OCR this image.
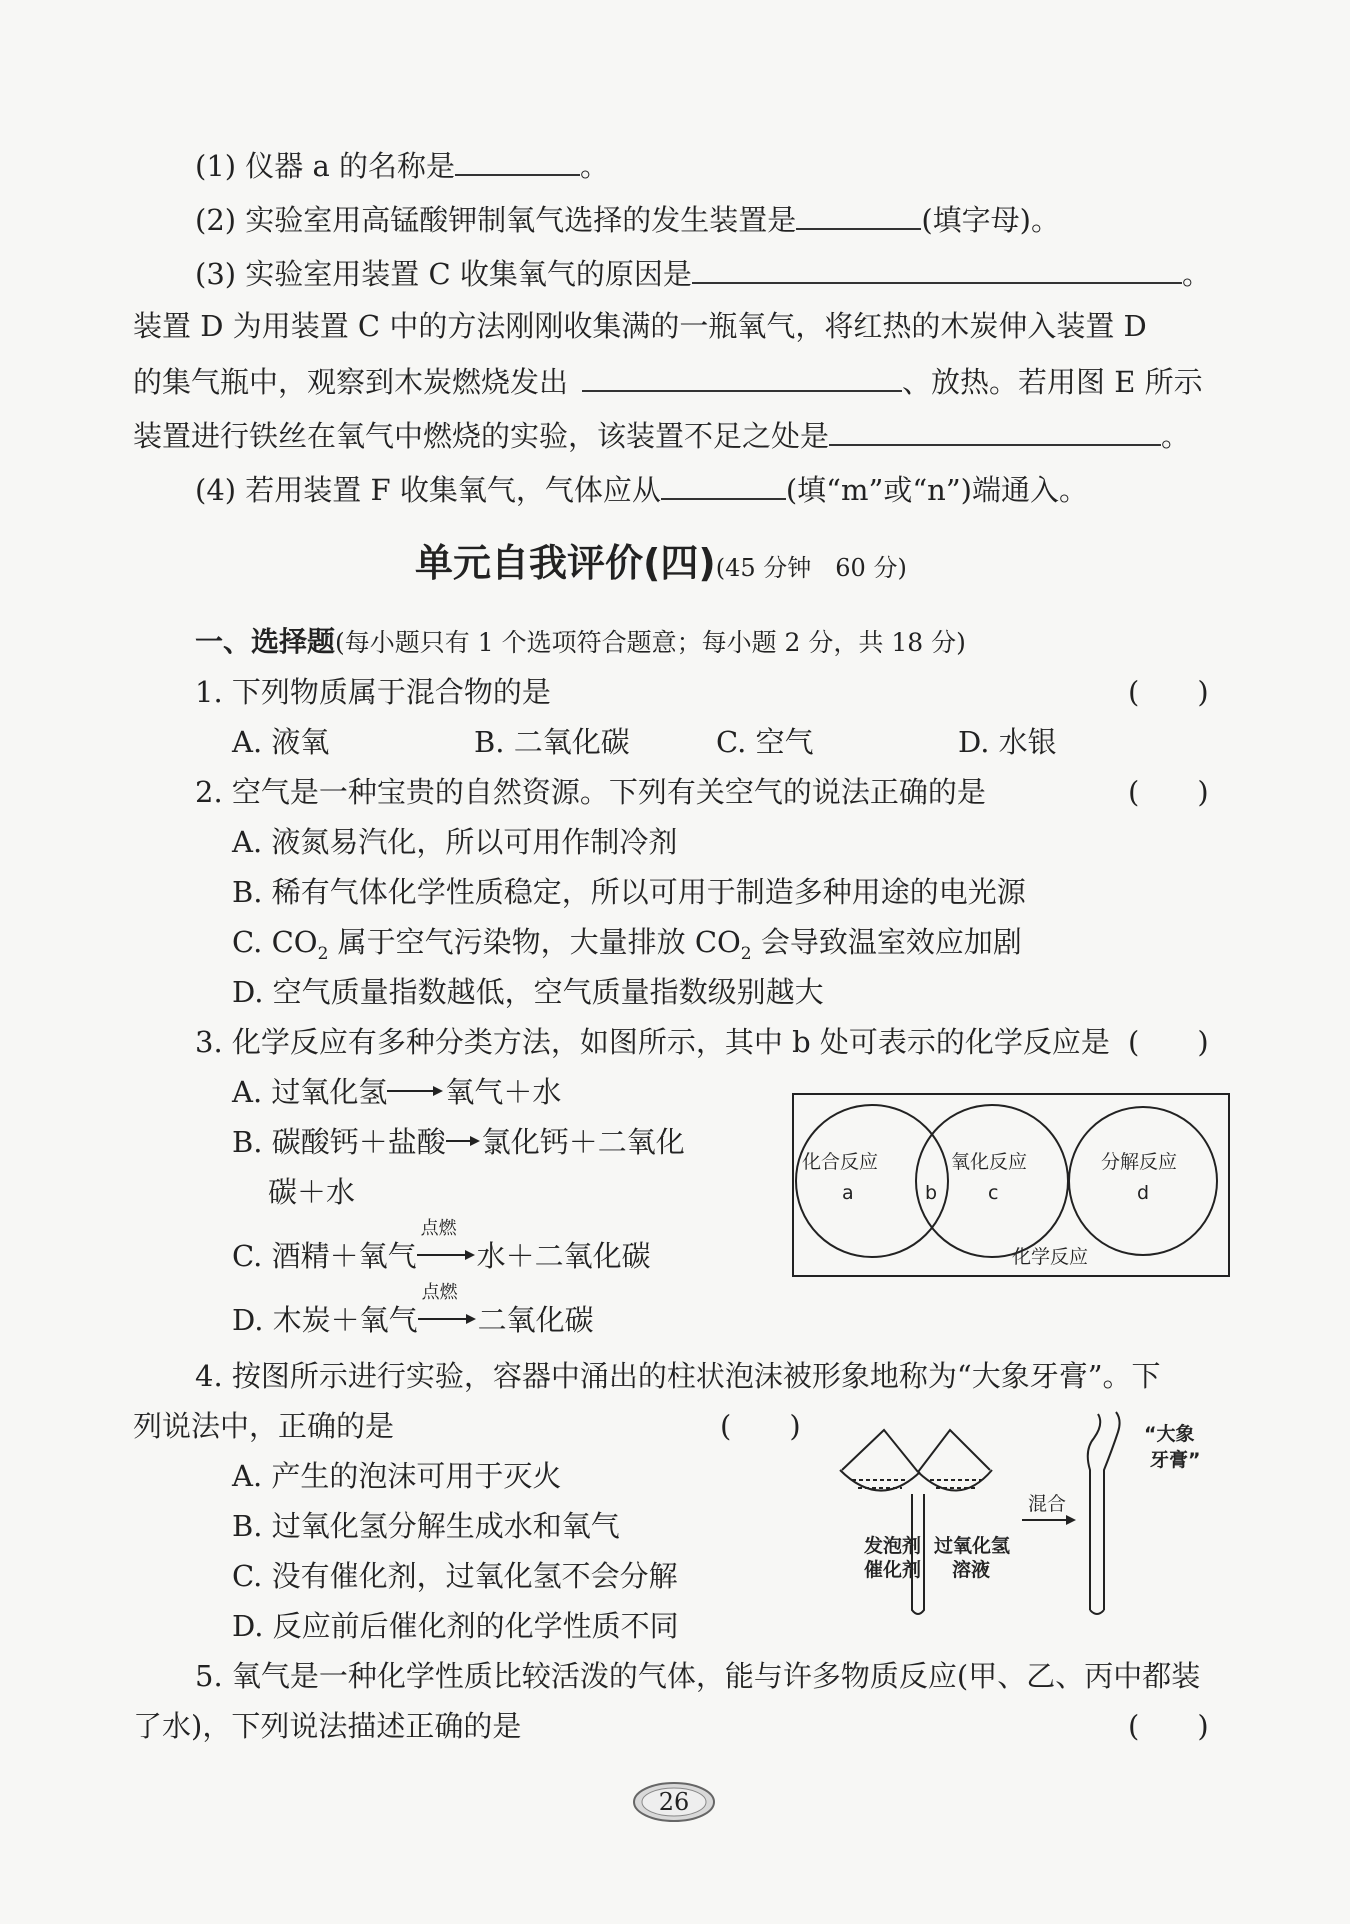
(1) 仪器 a 的名称是	。
(2) 实验室用高锰酸钾制氧气选择的发生装置是	(填字母)。
(3) 实验室用装置 C 收集氧气的原因是	。
装置 D 为用装置 C 中的方法刚刚收集满的一瓶氧气，将红热的木炭伸入装置 D
的集气瓶中，观察到木炭燃烧发出	、放热。若用图 E 所示
装置进行铁丝在氧气中燃烧的实验，该装置不足之处是	。
(4) 若用装置 F 收集氧气，气体应从	(填“m”或“n”)端通入。
单元自我评价(四)(45 分钟　60 分)
一、选择题(每小题只有 1 个选项符合题意；每小题 2 分，共 18 分)
1. 下列物质属于混合物的是	(　　)
A. 液氧	B. 二氧化碳	C. 空气	D. 水银
2. 空气是一种宝贵的自然资源。下列有关空气的说法正确的是	(　　)
A. 液氮易汽化，所以可用作制冷剂
B. 稀有气体化学性质稳定，所以可用于制造多种用途的电光源
C. $CO_2$ 属于空气污染物，大量排放 $CO_2$ 会导致温室效应加剧
D. 空气质量指数越低，空气质量指数级别越大
3. 化学反应有多种分类方法，如图所示，其中 b 处可表示的化学反应是 (　　)
A. 过氧化氢→氧气＋水
B. 碳酸钙＋盐酸→氯化钙＋二氧化
碳＋水
C. 酒精＋氧气
点燃
水＋二氧化碳
D. 木炭＋氧气
点燃
二氧化碳
化合反应
a	b
氧化反应
c
分解反应
d
化学反应
4. 按图所示进行实验，容器中涌出的柱状泡沫被形象地称为“大象牙膏”。下
列说法中，正确的是	(　　)
A. 产生的泡沫可用于灭火
B. 过氧化氢分解生成水和氧气
C. 没有催化剂，过氧化氢不会分解
D. 反应前后催化剂的化学性质不同
混合
发泡剂
催化剂
过氧化氢
溶液
“大象
牙膏”
5. 氧气是一种化学性质比较活泼的气体，能与许多物质反应(甲、乙、丙中都装
了水)，下列说法描述正确的是	(　　)
26
